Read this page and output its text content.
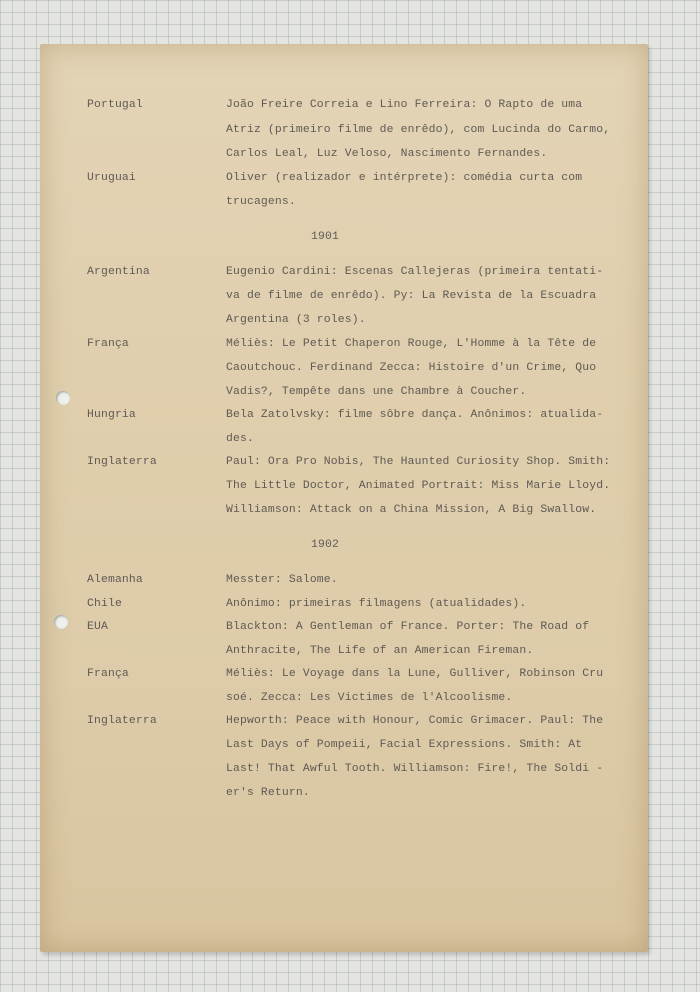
Portugal	João Freire Correia e Lino Ferreira: O Rapto de uma
Atriz (primeiro filme de enrêdo), com Lucinda do Carmo,
Carlos Leal, Luz Veloso, Nascimento Fernandes.
Uruguai	Oliver (realizador e intérprete): comédia curta com
trucagens.
1901
Argentina	Eugenio Cardini: Escenas Callejeras (primeira tentati-
va de filme de enrêdo). Py: La Revista de la Escuadra
Argentina (3 roles).
França	Méliès: Le Petit Chaperon Rouge, L'Homme à la Tête de
Caoutchouc. Ferdinand Zecca: Histoire d'un Crime, Quo
Vadis?, Tempête dans une Chambre à Coucher.
Hungria	Bela Zatolvsky: filme sôbre dança. Anônimos: atualida-
des.
Inglaterra	Paul: Ora Pro Nobis, The Haunted Curiosity Shop. Smith:
The Little Doctor, Animated Portrait: Miss Marie Lloyd.
Williamson: Attack on a China Mission, A Big Swallow.
1902
Alemanha	Messter: Salome.
Chile	Anônimo: primeiras filmagens (atualidades).
EUA	Blackton: A Gentleman of France. Porter: The Road of
Anthracite, The Life of an American Fireman.
França	Méliès: Le Voyage dans la Lune, Gulliver, Robinson Cru
soé. Zecca: Les Victimes de l'Alcoolisme.
Inglaterra	Hepworth: Peace with Honour, Comic Grimacer. Paul: The
Last Days of Pompeii, Facial Expressions. Smith: At
Last! That Awful Tooth. Williamson: Fire!, The Soldi -
er's Return.
